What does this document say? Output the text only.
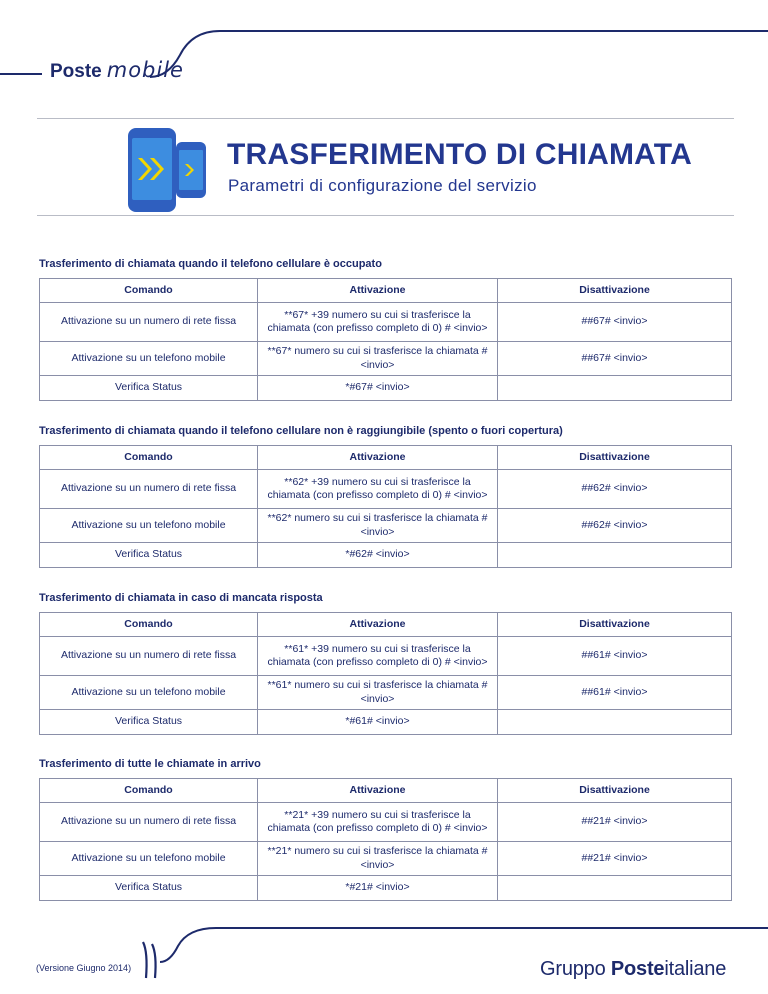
Poste mobile
TRASFERIMENTO DI CHIAMATA
Parametri di configurazione del servizio
Trasferimento di chiamata quando il telefono cellulare è occupato
Comando	Attivazione	Disattivazione
Attivazione su un numero di rete fissa	**67* +39 numero su cui si trasferisce la chiamata (con prefisso completo di 0) # <invio>	##67# <invio>
Attivazione su un telefono mobile	**67* numero su cui si trasferisce la chiamata # <invio>	##67# <invio>
Verifica Status	*#67# <invio>	
Trasferimento di chiamata quando il telefono cellulare non è raggiungibile (spento o fuori copertura)
Comando	Attivazione	Disattivazione
Attivazione su un numero di rete fissa	**62* +39 numero su cui si trasferisce la chiamata (con prefisso completo di 0) # <invio>	##62# <invio>
Attivazione su un telefono mobile	**62* numero su cui si trasferisce la chiamata # <invio>	##62# <invio>
Verifica Status	*#62# <invio>	
Trasferimento di chiamata in caso di mancata risposta
Comando	Attivazione	Disattivazione
Attivazione su un numero di rete fissa	**61* +39 numero su cui si trasferisce la chiamata (con prefisso completo di 0) # <invio>	##61# <invio>
Attivazione su un telefono mobile	**61* numero su cui si trasferisce la chiamata # <invio>	##61# <invio>
Verifica Status	*#61# <invio>	
Trasferimento di tutte le chiamate in arrivo
Comando	Attivazione	Disattivazione
Attivazione su un numero di rete fissa	**21* +39 numero su cui si trasferisce la chiamata (con prefisso completo di 0) # <invio>	##21# <invio>
Attivazione su un telefono mobile	**21* numero su cui si trasferisce la chiamata # <invio>	##21# <invio>
Verifica Status	*#21# <invio>	
(Versione Giugno 2014)	Gruppo Posteitaliane
